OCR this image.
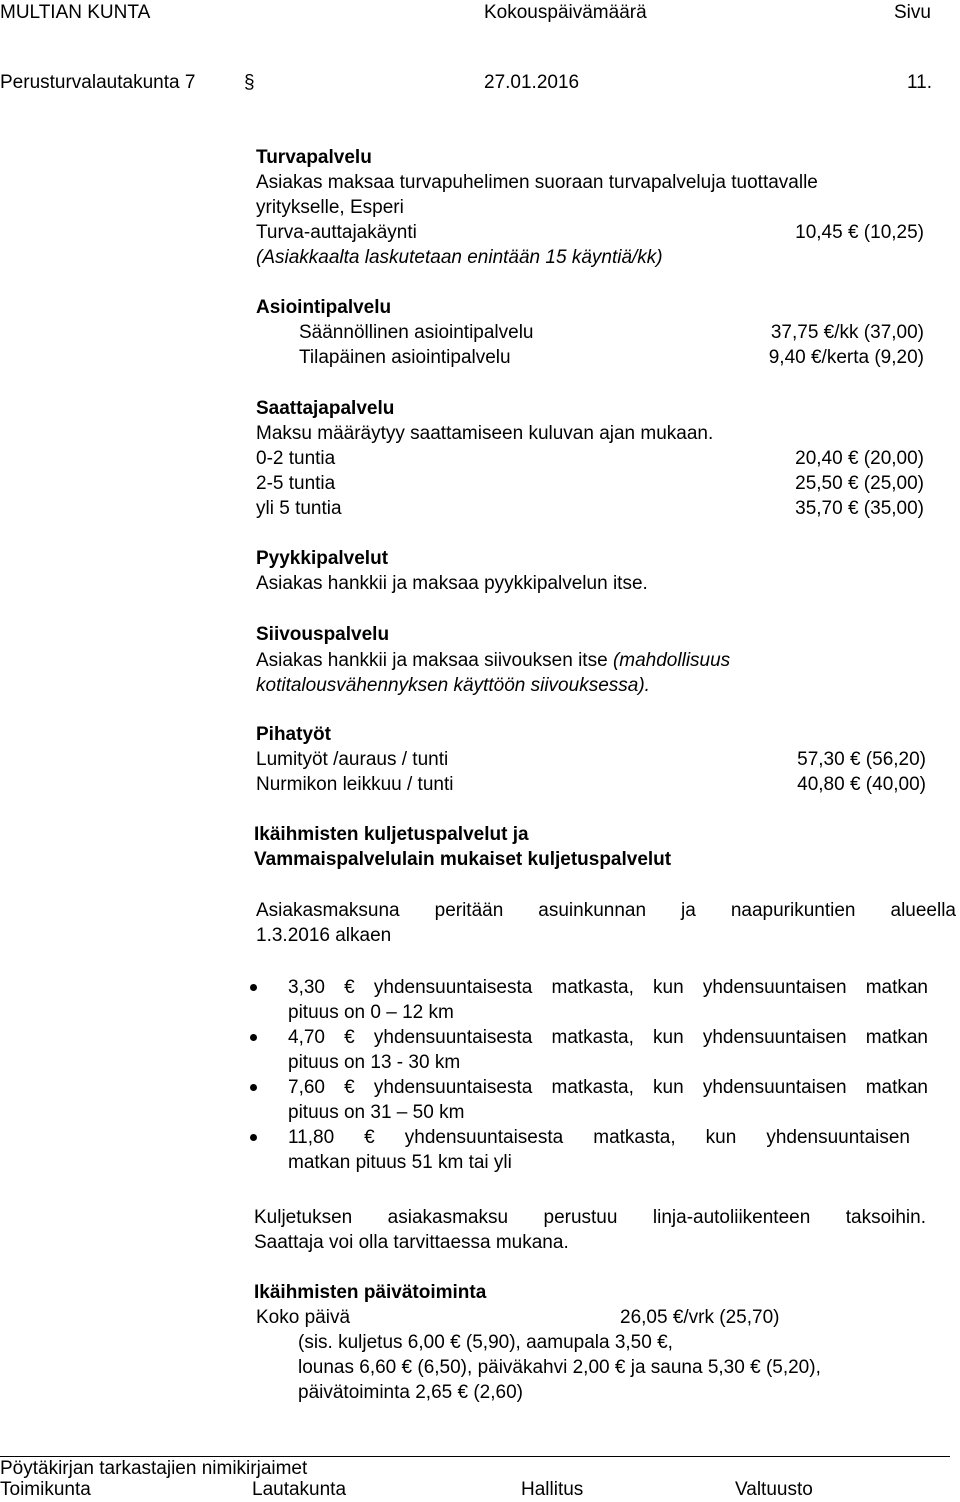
MULTIAN KUNTA	Kokouspäivämäärä	Sivu
Perusturvalautakunta 7	§	27.01.2016	11.
Turvapalvelu
Asiakas maksaa turvapuhelimen suoraan turvapalveluja tuottavalle
yritykselle, Esperi
Turva-auttajakäynti	10,45 € (10,25)
(Asiakkaalta laskutetaan enintään 15 käyntiä/kk)
Asiointipalvelu
Säännöllinen asiointipalvelu	37,75 €/kk (37,00)
Tilapäinen asiointipalvelu	9,40 €/kerta (9,20)
Saattajapalvelu
Maksu määräytyy saattamiseen kuluvan ajan mukaan.
0-2 tuntia	20,40 € (20,00)
2-5 tuntia	25,50 € (25,00)
yli 5 tuntia	35,70 € (35,00)
Pyykkipalvelut
Asiakas hankkii ja maksaa pyykkipalvelun itse.
Siivouspalvelu
Asiakas hankkii ja maksaa siivouksen itse (mahdollisuus
kotitalousvähennyksen käyttöön siivouksessa).
Pihatyöt
Lumityöt /auraus / tunti	57,30 € (56,20)
Nurmikon leikkuu / tunti	40,80 € (40,00)
Ikäihmisten kuljetuspalvelut ja
Vammaispalvelulain mukaiset kuljetuspalvelut
Asiakasmaksuna peritään asuinkunnan ja naapurikuntien alueella
1.3.2016 alkaen
3,30 € yhdensuuntaisesta matkasta, kun yhdensuuntaisen matkan
pituus on 0 – 12 km
4,70 € yhdensuuntaisesta matkasta, kun yhdensuuntaisen matkan
pituus on 13 - 30 km
7,60 € yhdensuuntaisesta matkasta, kun yhdensuuntaisen matkan
pituus on 31 – 50 km
11,80 € yhdensuuntaisesta matkasta, kun yhdensuuntaisen
matkan pituus 51 km tai yli
Kuljetuksen asiakasmaksu perustuu linja-autoliikenteen taksoihin.
Saattaja voi olla tarvittaessa mukana.
Ikäihmisten päivätoiminta
Koko päivä	26,05 €/vrk (25,70)
(sis. kuljetus 6,00 € (5,90), aamupala 3,50 €,
lounas 6,60 € (6,50), päiväkahvi 2,00 € ja sauna 5,30 € (5,20),
päivätoiminta 2,65 € (2,60)
Pöytäkirjan tarkastajien nimikirjaimet
Toimikunta	Lautakunta	Hallitus	Valtuusto
